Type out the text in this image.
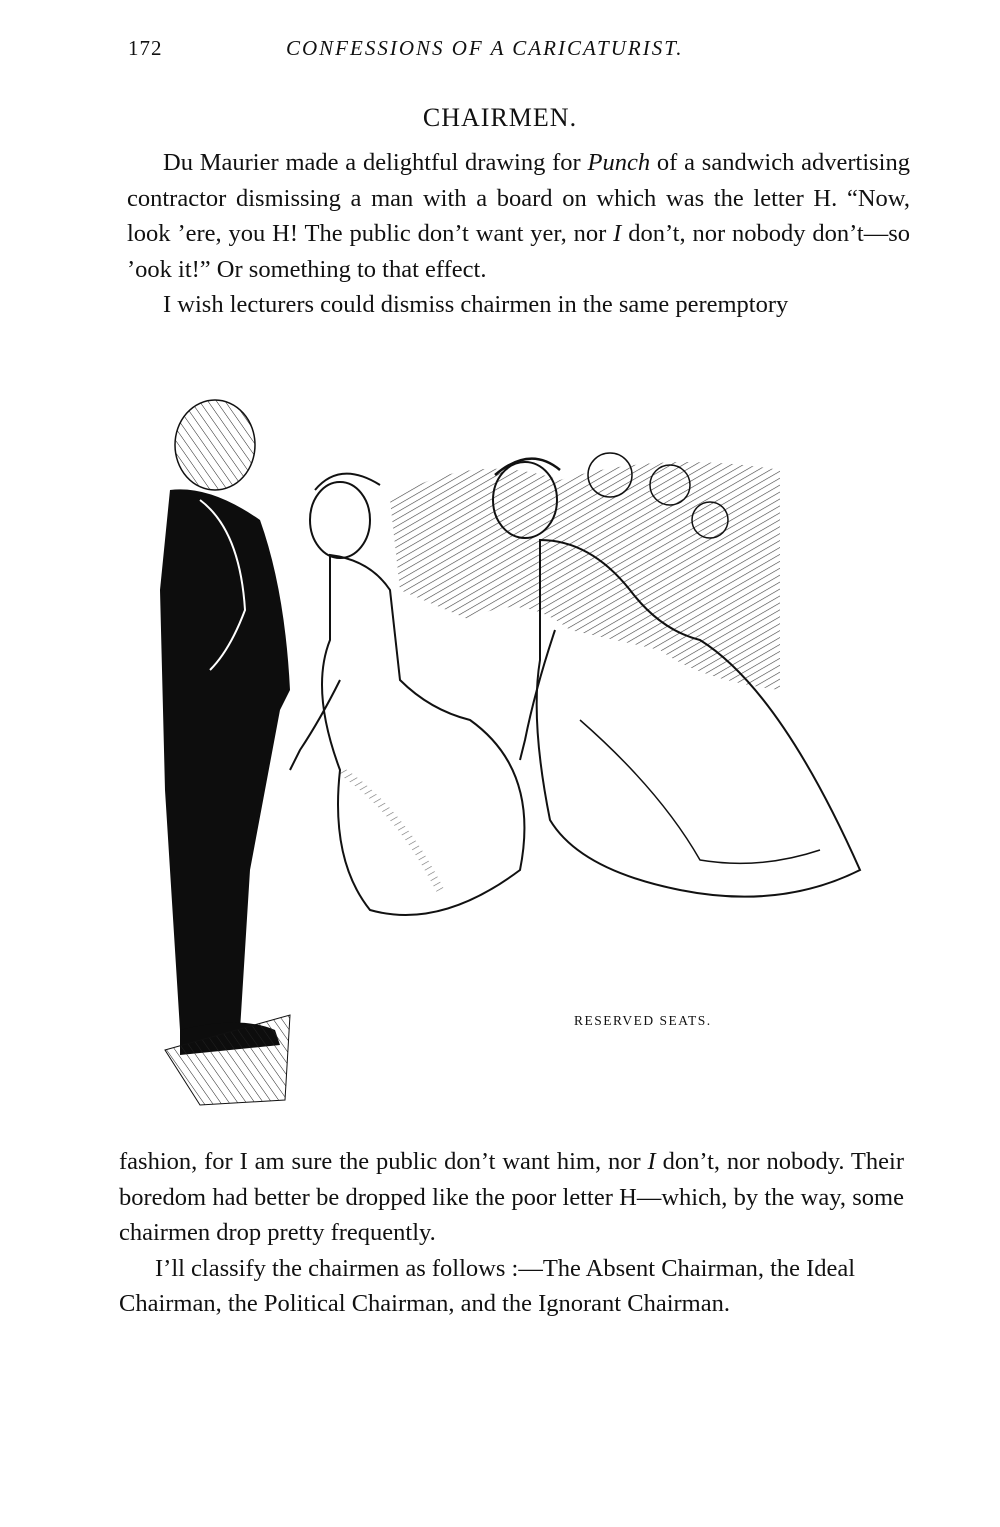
172	CONFESSIONS OF A CARICATURIST.
CHAIRMEN.

Du Maurier made a delightful drawing for Punch of a sandwich advertising contractor dismissing a man with a board on which was the letter H. “Now, look ’ere, you H! The public don’t want yer, nor I don’t, nor nobody don’t—so ’ook it!” Or something to that effect.

I wish lecturers could dismiss chairmen in the same peremptory

RESERVED SEATS.

fashion, for I am sure the public don’t want him, nor I don’t, nor nobody. Their boredom had better be dropped like the poor letter H—which, by the way, some chairmen drop pretty frequently.

I’ll classify the chairmen as follows :—The Absent Chairman, the Ideal Chairman, the Political Chairman, and the Ignorant Chairman.
